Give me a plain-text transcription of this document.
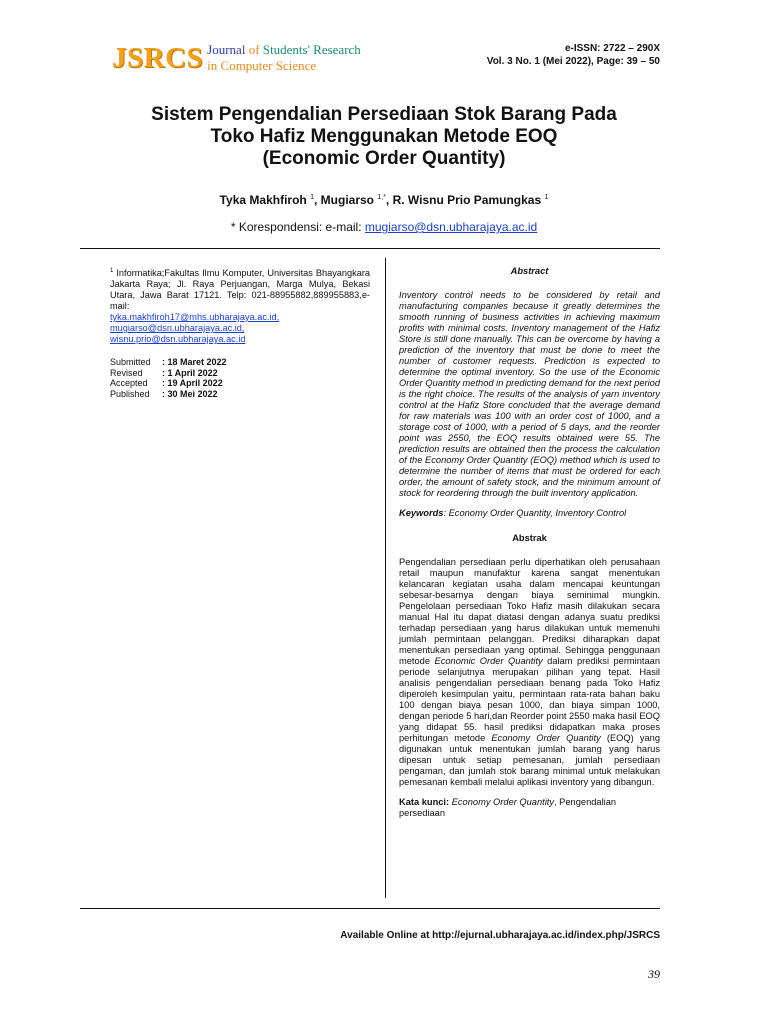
JSRCS Journal of Students' Research
in Computer Science
e-ISSN: 2722 – 290X
Vol. 3 No. 1 (Mei 2022), Page: 39 – 50
Sistem Pengendalian Persediaan Stok Barang Pada
Toko Hafiz Menggunakan Metode EOQ
(Economic Order Quantity)
Tyka Makhfiroh $^1$, Mugiarso $^{1,*}$, R. Wisnu Prio Pamungkas $^1$
* Korespondensi: e-mail: mugiarso@dsn.ubharajaya.ac.id
$^1$ Informatika;Fakultas Ilmu Komputer, Universitas Bhayangkara Jakarta Raya; Jl. Raya Perjuangan, Marga Mulya, Bekasi Utara, Jawa Barat 17121. Telp: 021-88955882,889955883,e-mail:
tyka.makhfiroh17@mhs.ubharajaya.ac.id,
mugiarso@dsn.ubharajaya.ac.id,
wisnu.prio@dsn.ubharajaya.ac.id
Submitted	: 18 Maret 2022
Revised	: 1 April 2022
Accepted	: 19 April 2022
Published	: 30 Mei 2022

Abstract

Inventory control needs to be considered by retail and manufacturing companies because it greatly determines the smooth running of business activities in achieving maximum profits with minimal costs. Inventory management of the Hafiz Store is still done manually. This can be overcome by having a prediction of the inventory that must be done to meet the number of customer requests. Prediction is expected to determine the optimal inventory. So the use of the Economic Order Quantity method in predicting demand for the next period is the right choice. The results of the analysis of yarn inventory control at the Hafiz Store concluded that the average demand for raw materials was 100 with an order cost of 1000, and a storage cost of 1000, with a period of 5 days, and the reorder point was 2550, the EOQ results obtained were 55. The prediction results are obtained then the process the calculation of the Economy Order Quantity (EOQ) method which is used to determine the number of items that must be ordered for each order, the amount of safety stock, and the minimum amount of stock for reordering through the built inventory application.

Keywords: Economy Order Quantity, Inventory Control

Abstrak

Pengendalian persediaan perlu diperhatikan oleh perusahaan retail maupun manufaktur karena sangat menentukan kelancaran kegiatan usaha dalam mencapai keuntungan sebesar-besarnya dengan biaya seminimal mungkin. Pengelolaan persediaan Toko Hafiz masih dilakukan secara manual Hal itu dapat diatasi dengan adanya suatu prediksi terhadap persediaan yang harus dilakukan untuk memenuhi jumlah permintaan pelanggan. Prediksi diharapkan dapat menentukan persediaan yang optimal. Sehingga penggunaan metode Economic Order Quantity dalam prediksi permintaan periode selanjutnya merupakan pilihan yang tepat. Hasil analisis pengendalian persediaan benang pada Toko Hafiz diperoleh kesimpulan yaitu, permintaan rata-rata bahan baku 100 dengan biaya pesan 1000, dan biaya simpan 1000, dengan periode 5 hari,dan Reorder point 2550 maka hasil EOQ yang didapat 55. hasil prediksi didapatkan maka proses perhitungan metode Economy Order Quantity (EOQ) yang digunakan untuk menentukan jumlah barang yang harus dipesan untuk setiap pemesanan, jumlah persediaan pengaman, dan jumlah stok barang minimal untuk melakukan pemesanan kembali melalui aplikasi inventory yang dibangun.

Kata kunci: Economy Order Quantity, Pengendalian persediaan

Available Online at http://ejurnal.ubharajaya.ac.id/index.php/JSRCS
39
